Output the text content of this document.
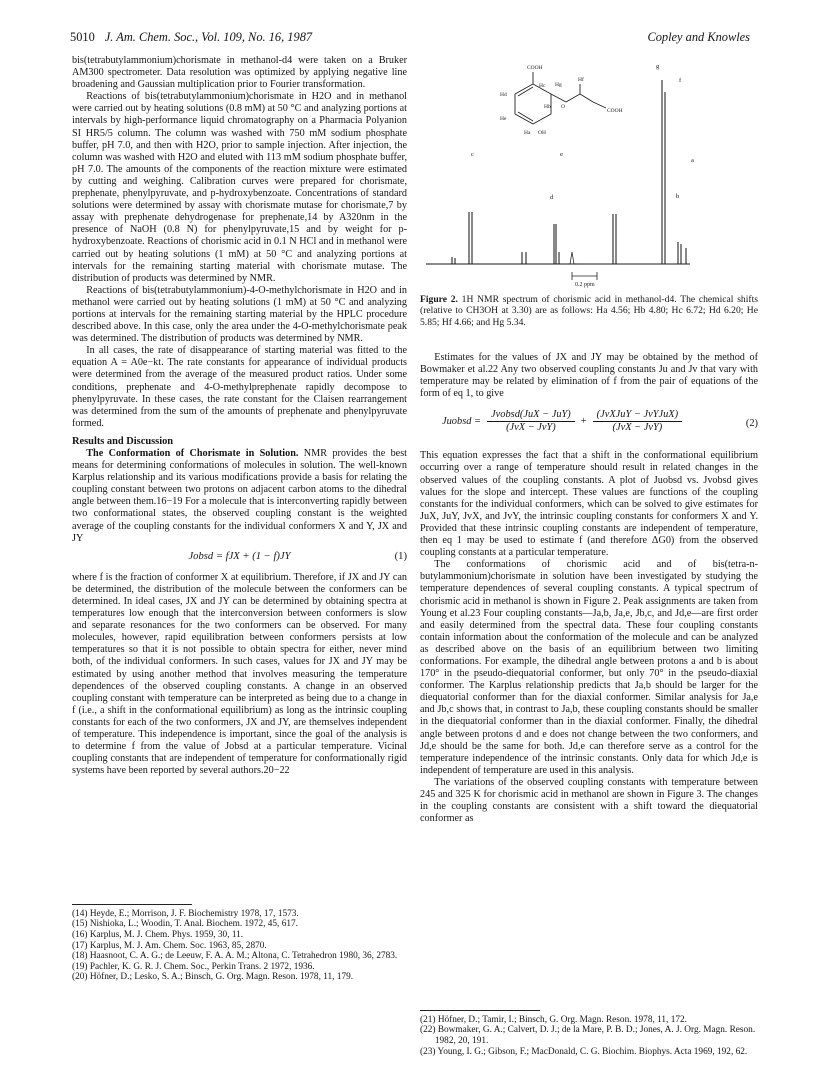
5010 J. Am. Chem. Soc., Vol. 109, No. 16, 1987	Copley and Knowles

bis(tetrabutylammonium)chorismate in methanol-d4 were taken on a Bruker AM300 spectrometer. Data resolution was optimized by applying negative line broadening and Gaussian multiplication prior to Fourier transformation.

Reactions of bis(tetrabutylammonium)chorismate in H2O and in methanol were carried out by heating solutions (0.8 mM) at 50 °C and analyzing portions at intervals by high-performance liquid chromatography on a Pharmacia Polyanion SI HR5/5 column. The column was washed with 750 mM sodium phosphate buffer, pH 7.0, and then with H2O, prior to sample injection. After injection, the column was washed with H2O and eluted with 113 mM sodium phosphate buffer, pH 7.0. The amounts of the components of the reaction mixture were estimated by cutting and weighing. Calibration curves were prepared for chorismate, prephenate, phenylpyruvate, and p-hydroxybenzoate. Concentrations of standard solutions were determined by assay with chorismate mutase for chorismate,7 by assay with prephenate dehydrogenase for prephenate,14 by A320nm in the presence of NaOH (0.8 N) for phenylpyruvate,15 and by weight for p-hydroxybenzoate. Reactions of chorismic acid in 0.1 N HCl and in methanol were carried out by heating solutions (1 mM) at 50 °C and analyzing portions at intervals for the remaining starting material with chorismate mutase. The distribution of products was determined by NMR.

Reactions of bis(tetrabutylammonium)-4-O-methylchorismate in H2O and in methanol were carried out by heating solutions (1 mM) at 50 °C and analyzing portions at intervals for the remaining starting material by the HPLC procedure described above. In this case, only the area under the 4-O-methylchorismate peak was determined. The distribution of products was determined by NMR.

In all cases, the rate of disappearance of starting material was fitted to the equation A = A0e−kt. The rate constants for appearance of individual products were determined from the average of the measured product ratios. Under some conditions, prephenate and 4-O-methylprephenate rapidly decompose to phenylpyruvate. In these cases, the rate constant for the Claisen rearrangement was determined from the sum of the amounts of prephenate and phenylpyruvate formed.

Results and Discussion

The Conformation of Chorismate in Solution. NMR provides the best means for determining conformations of molecules in solution. The well-known Karplus relationship and its various modifications provide a basis for relating the coupling constant between two protons on adjacent carbon atoms to the dihedral angle between them.16−19 For a molecule that is interconverting rapidly between two conformational states, the observed coupling constant is the weighted average of the coupling constants for the individual conformers X and Y, JX and JY

Jobsd = fJX + (1 − f)JY	(1)

where f is the fraction of conformer X at equilibrium. Therefore, if JX and JY can be determined, the distribution of the molecule between the conformers can be determined. In ideal cases, JX and JY can be determined by obtaining spectra at temperatures low enough that the interconversion between conformers is slow and separate resonances for the two conformers can be observed. For many molecules, however, rapid equilibration between conformers persists at low temperatures so that it is not possible to obtain spectra for either, never mind both, of the individual conformers. In such cases, values for JX and JY may be estimated by using another method that involves measuring the temperature dependences of the observed coupling constants. A change in an observed coupling constant with temperature can be interpreted as being due to a change in f (i.e., a shift in the conformational equilibrium) as long as the intrinsic coupling constants for each of the two conformers, JX and JY, are themselves independent of temperature. This independence is important, since the goal of the analysis is to determine f from the value of Jobsd at a particular temperature. Vicinal coupling constants that are independent of temperature for conformationally rigid systems have been reported by several authors.20−22

(14) Heyde, E.; Morrison, J. F. Biochemistry 1978, 17, 1573.

(15) Nishioka, L.; Woodin, T. Anal. Biochem. 1972, 45, 617.

(16) Karplus, M. J. Chem. Phys. 1959, 30, 11.

(17) Karplus, M. J. Am. Chem. Soc. 1963, 85, 2870.

(18) Haasnoot, C. A. G.; de Leeuw, F. A. A. M.; Altona, C. Tetrahedron 1980, 36, 2783.

(19) Pachler, K. G. R. J. Chem. Soc., Perkin Trans. 2 1972, 1936.

(20) Höfner, D.; Lesko, S. A.; Binsch, G. Org. Magn. Reson. 1978, 11, 179.

COOH
COOH
Hd
He
Hc Hg
Hf
Hb
Ha OH
O
c	e
d
g
f
a
b
0.2 ppm
Figure 2. 1H NMR spectrum of chorismic acid in methanol-d4. The chemical shifts (relative to CH3OH at 3.30) are as follows: Ha 4.56; Hb 4.80; Hc 6.72; Hd 6.20; He 5.85; Hf 4.66; and Hg 5.34.

Estimates for the values of JX and JY may be obtained by the method of Bowmaker et al.22 Any two observed coupling constants Ju and Jv that vary with temperature may be related by elimination of f from the pair of equations of the form of eq 1, to give

Juobsd = $\frac{\text{Jvobsd(JuX − JuY)}}{\text{(JvX − JvY)}} + \frac{\text{(JvXJuY − JvYJuX)}}{\text{(JvX − JvY)}}$	(2)

This equation expresses the fact that a shift in the conformational equilibrium occurring over a range of temperature should result in related changes in the observed values of the coupling constants. A plot of Juobsd vs. Jvobsd gives values for the slope and intercept. These values are functions of the coupling constants for the individual conformers, which can be solved to give estimates for JuX, JuY, JvX, and JvY, the intrinsic coupling constants for conformers X and Y. Provided that these intrinsic coupling constants are independent of temperature, then eq 1 may be used to estimate f (and therefore ΔG0) from the observed coupling constants at a particular temperature.

The conformations of chorismic acid and of bis(tetra-n-butylammonium)chorismate in solution have been investigated by studying the temperature dependences of several coupling constants. A typical spectrum of chorismic acid in methanol is shown in Figure 2. Peak assignments are taken from Young et al.23 Four coupling constants—Ja,b, Ja,e, Jb,c, and Jd,e—are first order and easily determined from the spectral data. These four coupling constants contain information about the conformation of the molecule and can be analyzed as described above on the basis of an equilibrium between two limiting conformations. For example, the dihedral angle between protons a and b is about 170° in the pseudo-diequatorial conformer, but only 70° in the pseudo-diaxial conformer. The Karplus relationship predicts that Ja,b should be larger for the diequatorial conformer than for the diaxial conformer. Similar analysis for Ja,e and Jb,c shows that, in contrast to Ja,b, these coupling constants should be smaller in the diequatorial conformer than in the diaxial conformer. Finally, the dihedral angle between protons d and e does not change between the two conformers, and Jd,e should be the same for both. Jd,e can therefore serve as a control for the temperature independence of the intrinsic constants. Only data for which Jd,e is independent of temperature are used in this analysis.

The variations of the observed coupling constants with temperature between 245 and 325 K for chorismic acid in methanol are shown in Figure 3. The changes in the coupling constants are consistent with a shift toward the diequatorial conformer as

(21) Höfner, D.; Tamir, I.; Binsch, G. Org. Magn. Reson. 1978, 11, 172.

(22) Bowmaker, G. A.; Calvert, D. J.; de la Mare, P. B. D.; Jones, A. J. Org. Magn. Reson. 1982, 20, 191.

(23) Young, I. G.; Gibson, F.; MacDonald, C. G. Biochim. Biophys. Acta 1969, 192, 62.
